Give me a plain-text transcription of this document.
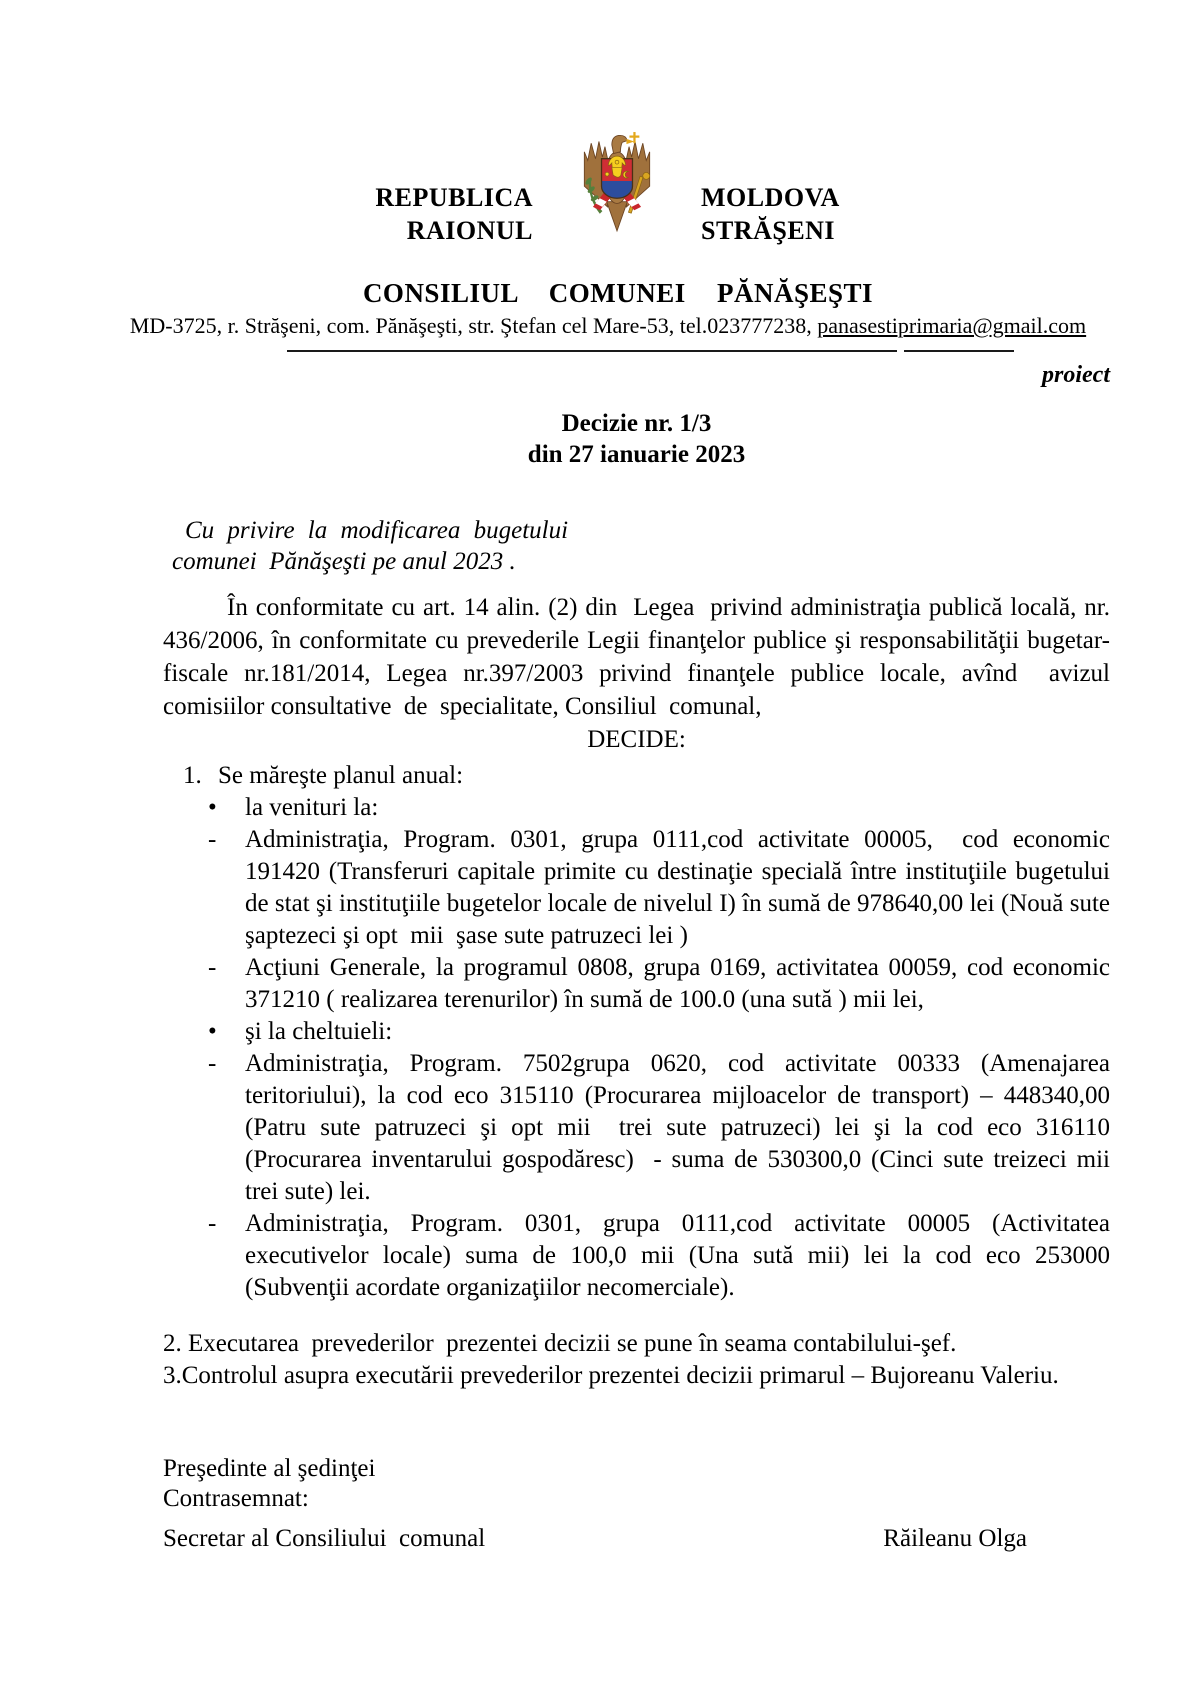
REPUBLICA
RAIONUL
MOLDOVA
STRĂŞENI
CONSILIUL COMUNEI PĂNĂŞEŞTI
MD-3725, r. Străşeni, com. Pănăşeşti, str. Ştefan cel Mare-53, tel.023777238, panasestiprimaria@gmail.com
proiect
Decizie nr. 1/3
din 27 ianuarie 2023
Cu privire la modificarea bugetului
comunei  Pănăşeşti pe anul 2023 .
În conformitate cu art. 14 alin. (2) din  Legea  privind administraţia publică locală, nr. 436/2006, în conformitate cu prevederile Legii finanţelor publice şi responsabilităţii bugetar-fiscale nr.181/2014, Legea nr.397/2003 privind finanţele publice locale, avînd  avizul  comisiilor consultative  de  specialitate, Consiliul  comunal,
DECIDE:
1. Se măreşte planul anual:
•	la venituri la:
-	Administraţia, Program. 0301, grupa 0111,cod activitate 00005,  cod economic 191420 (Transferuri capitale primite cu destinaţie specială între instituţiile bugetului de stat şi instituţiile bugetelor locale de nivelul I) în sumă de 978640,00 lei (Nouă sute şaptezeci şi opt  mii  şase sute patruzeci lei )
-	Acţiuni Generale, la programul 0808, grupa 0169, activitatea 00059, cod economic 371210 ( realizarea terenurilor) în sumă de 100.0 (una sută ) mii lei,
•	şi la cheltuieli:
-	Administraţia, Program. 7502grupa 0620, cod activitate 00333 (Amenajarea teritoriului), la cod eco 315110 (Procurarea mijloacelor de transport) – 448340,00 (Patru sute patruzeci şi opt mii  trei sute patruzeci) lei şi la cod eco 316110 (Procurarea inventarului gospodăresc)  - suma de 530300,0 (Cinci sute treizeci mii trei sute) lei.
-	Administraţia, Program. 0301, grupa 0111,cod activitate 00005 (Activitatea executivelor locale) suma de 100,0 mii (Una sută mii) lei la cod eco 253000 (Subvenţii acordate organizaţiilor necomerciale).
2. Executarea  prevederilor  prezentei decizii se pune în seama contabilului-şef.
3.Controlul asupra executării prevederilor prezentei decizii primarul – Bujoreanu Valeriu.
Preşedinte al şedinţei
Contrasemnat:
Secretar al Consiliului  comunal	Răileanu Olga
